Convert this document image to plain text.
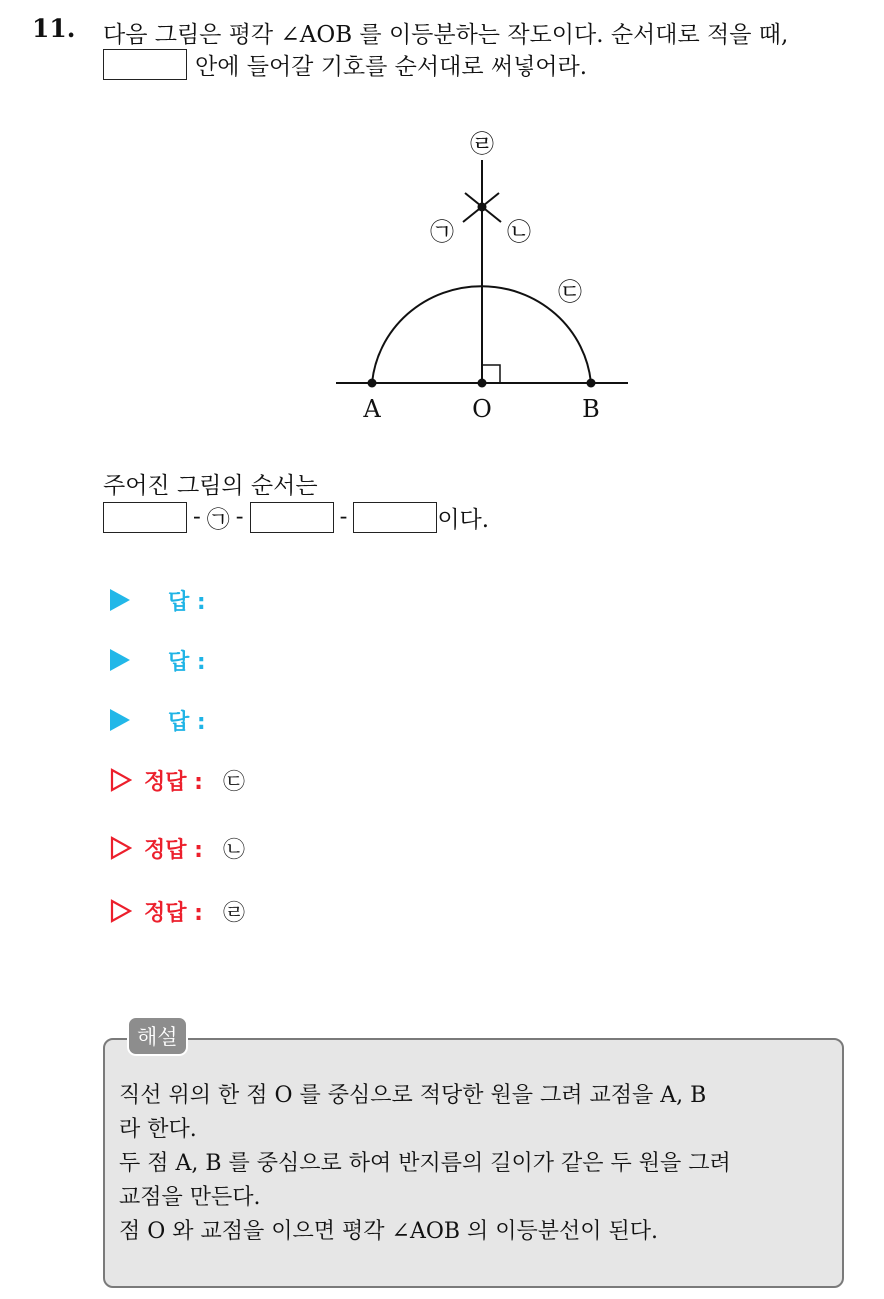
11. 다음 그림은 평각 ∠AOB 를 이등분하는 작도이다. 순서대로 적을 때,
안에 들어갈 기호를 순서대로 써넣어라.
A	O	B
㉣
㉠ ㉡
㉢
주어진 그림의 순서는
- ㉠ -	-	이다.
답 :
답 :
답 :
정답 : ㉢
정답 : ㉡
정답 : ㉣
해설
직선 위의 한 점 O 를 중심으로 적당한 원을 그려 교점을 A, B
라 한다.
두 점 A, B 를 중심으로 하여 반지름의 길이가 같은 두 원을 그려
교점을 만든다.
점 O 와 교점을 이으면 평각 ∠AOB 의 이등분선이 된다.
